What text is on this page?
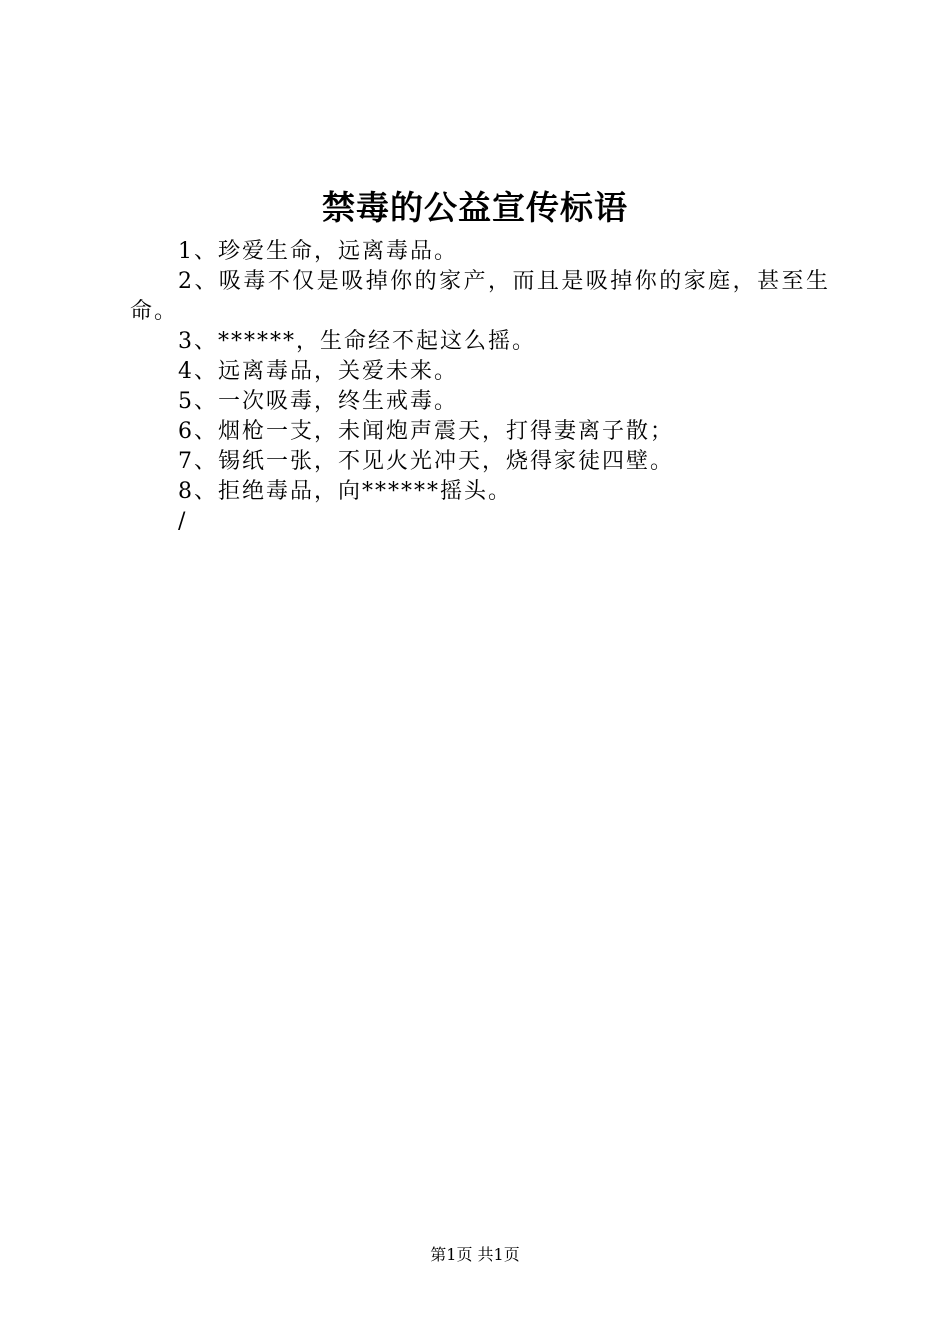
禁毒的公益宣传标语

1、珍爱生命，远离毒品。

2、吸毒不仅是吸掉你的家产，而且是吸掉你的家庭，甚至生命。

3、******，生命经不起这么摇。

4、远离毒品，关爱未来。

5、一次吸毒，终生戒毒。

6、烟枪一支，未闻炮声震天，打得妻离子散；

7、锡纸一张，不见火光冲天，烧得家徒四壁。

8、拒绝毒品，向******摇头。

/

第1页 共1页
